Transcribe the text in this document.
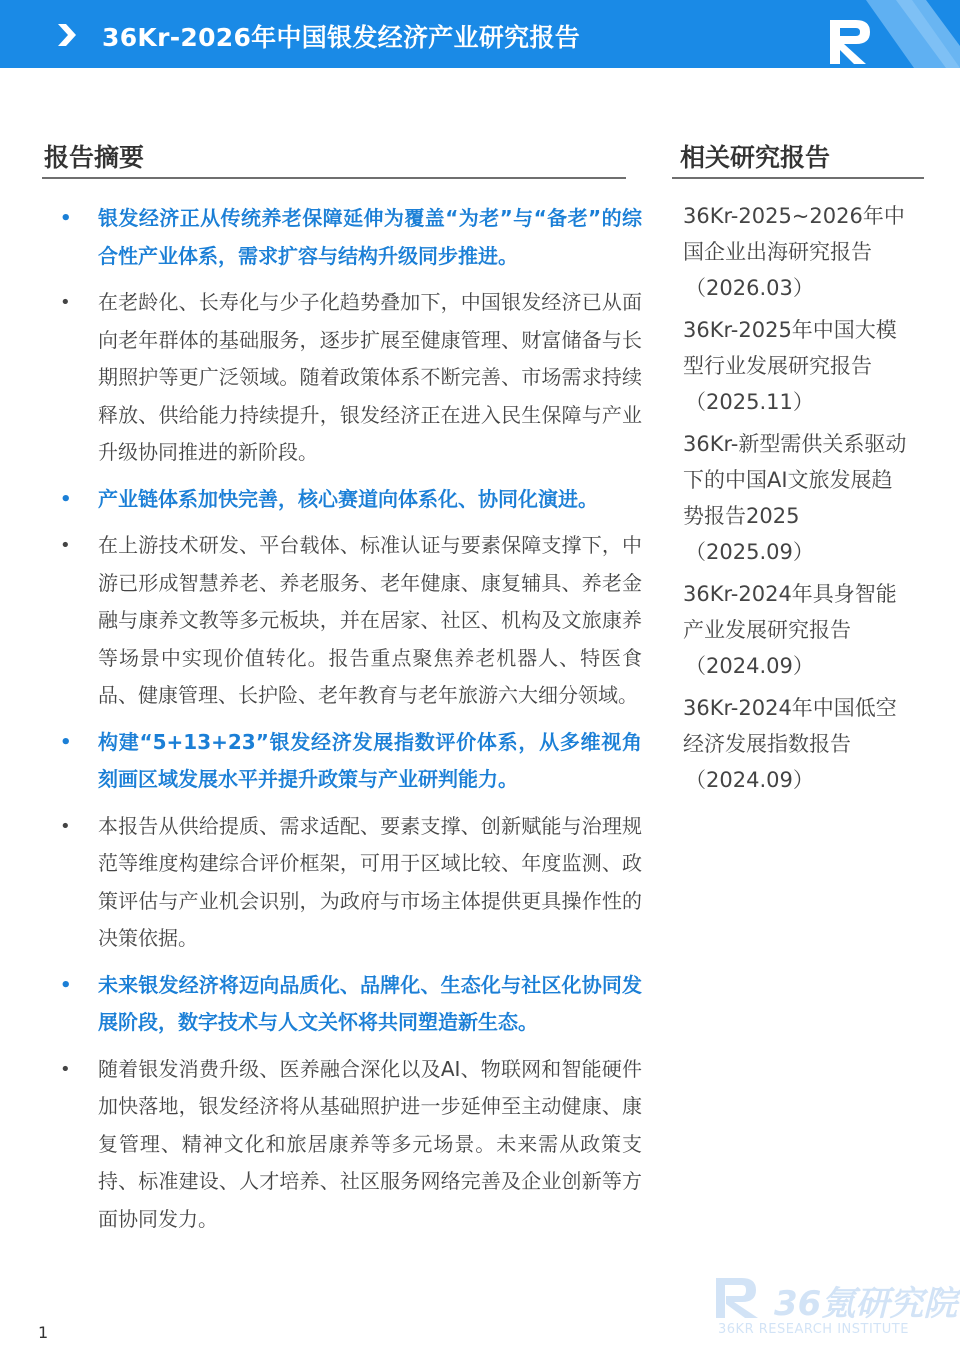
36Kr-2026年中国银发经济产业研究报告
报告摘要
• 银发经济正从传统养老保障延伸为覆盖“为老”与“备老”的综合性产业体系，需求扩容与结构升级同步推进。
• 在老龄化、长寿化与少子化趋势叠加下，中国银发经济已从面向老年群体的基础服务，逐步扩展至健康管理、财富储备与长期照护等更广泛领域。随着政策体系不断完善、市场需求持续释放、供给能力持续提升，银发经济正在进入民生保障与产业升级协同推进的新阶段。
• 产业链体系加快完善，核心赛道向体系化、协同化演进。
• 在上游技术研发、平台载体、标准认证与要素保障支撑下，中游已形成智慧养老、养老服务、老年健康、康复辅具、养老金融与康养文教等多元板块，并在居家、社区、机构及文旅康养等场景中实现价值转化。报告重点聚焦养老机器人、特医食品、健康管理、长护险、老年教育与老年旅游六大细分领域。
• 构建“5+13+23”银发经济发展指数评价体系，从多维视角刻画区域发展水平并提升政策与产业研判能力。
• 本报告从供给提质、需求适配、要素支撑、创新赋能与治理规范等维度构建综合评价框架，可用于区域比较、年度监测、政策评估与产业机会识别，为政府与市场主体提供更具操作性的决策依据。
• 未来银发经济将迈向品质化、品牌化、生态化与社区化协同发展阶段，数字技术与人文关怀将共同塑造新生态。
• 随着银发消费升级、医养融合深化以及AI、物联网和智能硬件加快落地，银发经济将从基础照护进一步延伸至主动健康、康复管理、精神文化和旅居康养等多元场景。未来需从政策支持、标准建设、人才培养、社区服务网络完善及企业创新等方面协同发力。
相关研究报告
36Kr-2025~2026年中国企业出海研究报告
（2026.03）
36Kr-2025年中国大模型行业发展研究报告
（2025.11）
36Kr-新型需供关系驱动下的中国AI文旅发展趋势报告2025
（2025.09）
36Kr-2024年具身智能产业发展研究报告
（2024.09）
36Kr-2024年中国低空经济发展指数报告
（2024.09）
1
36氪研究院
36KR RESEARCH INSTITUTE
